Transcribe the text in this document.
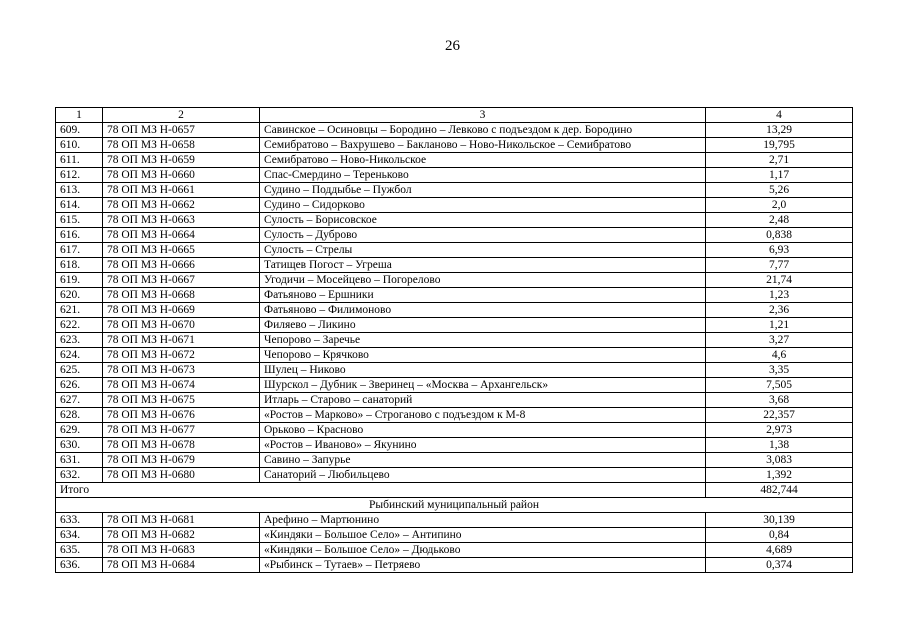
26
1	2	3	4
609.	78 ОП МЗ Н-0657	Савинское – Осиновцы – Бородино – Левково с подъездом к дер. Бородино	13,29
610.	78 ОП МЗ Н-0658	Семибратово – Вахрушево – Бакланово – Ново-Никольское – Семибратово	19,795
611.	78 ОП МЗ Н-0659	Семибратово – Ново-Никольское	2,71
612.	78 ОП МЗ Н-0660	Спас-Смердино – Тереньково	1,17
613.	78 ОП МЗ Н-0661	Судино – Поддыбье – Пужбол	5,26
614.	78 ОП МЗ Н-0662	Судино – Сидорково	2,0
615.	78 ОП МЗ Н-0663	Сулость – Борисовское	2,48
616.	78 ОП МЗ Н-0664	Сулость – Дуброво	0,838
617.	78 ОП МЗ Н-0665	Сулость – Стрелы	6,93
618.	78 ОП МЗ Н-0666	Татищев Погост – Угреша	7,77
619.	78 ОП МЗ Н-0667	Угодичи – Мосейцево – Погорелово	21,74
620.	78 ОП МЗ Н-0668	Фатьяново – Ершники	1,23
621.	78 ОП МЗ Н-0669	Фатьяново – Филимоново	2,36
622.	78 ОП МЗ Н-0670	Филяево – Ликино	1,21
623.	78 ОП МЗ Н-0671	Чепорово – Заречье	3,27
624.	78 ОП МЗ Н-0672	Чепорово – Крячково	4,6
625.	78 ОП МЗ Н-0673	Шулец – Никово	3,35
626.	78 ОП МЗ Н-0674	Шурскол – Дубник – Зверинец – «Москва – Архангельск»	7,505
627.	78 ОП МЗ Н-0675	Итларь – Старово – санаторий	3,68
628.	78 ОП МЗ Н-0676	«Ростов – Марково» – Строганово с подъездом к М-8	22,357
629.	78 ОП МЗ Н-0677	Орьково – Красново	2,973
630.	78 ОП МЗ Н-0678	«Ростов – Иваново» – Якунино	1,38
631.	78 ОП МЗ Н-0679	Савино – Запурье	3,083
632.	78 ОП МЗ Н-0680	Санаторий – Любильцево	1,392
Итого			482,744
Рыбинский муниципальный район			
633.	78 ОП МЗ Н-0681	Арефино – Мартюнино	30,139
634.	78 ОП МЗ Н-0682	«Киндяки – Большое Село» – Антипино	0,84
635.	78 ОП МЗ Н-0683	«Киндяки – Большое Село» – Дюдьково	4,689
636.	78 ОП МЗ Н-0684	«Рыбинск – Тутаев» – Петряево	0,374
